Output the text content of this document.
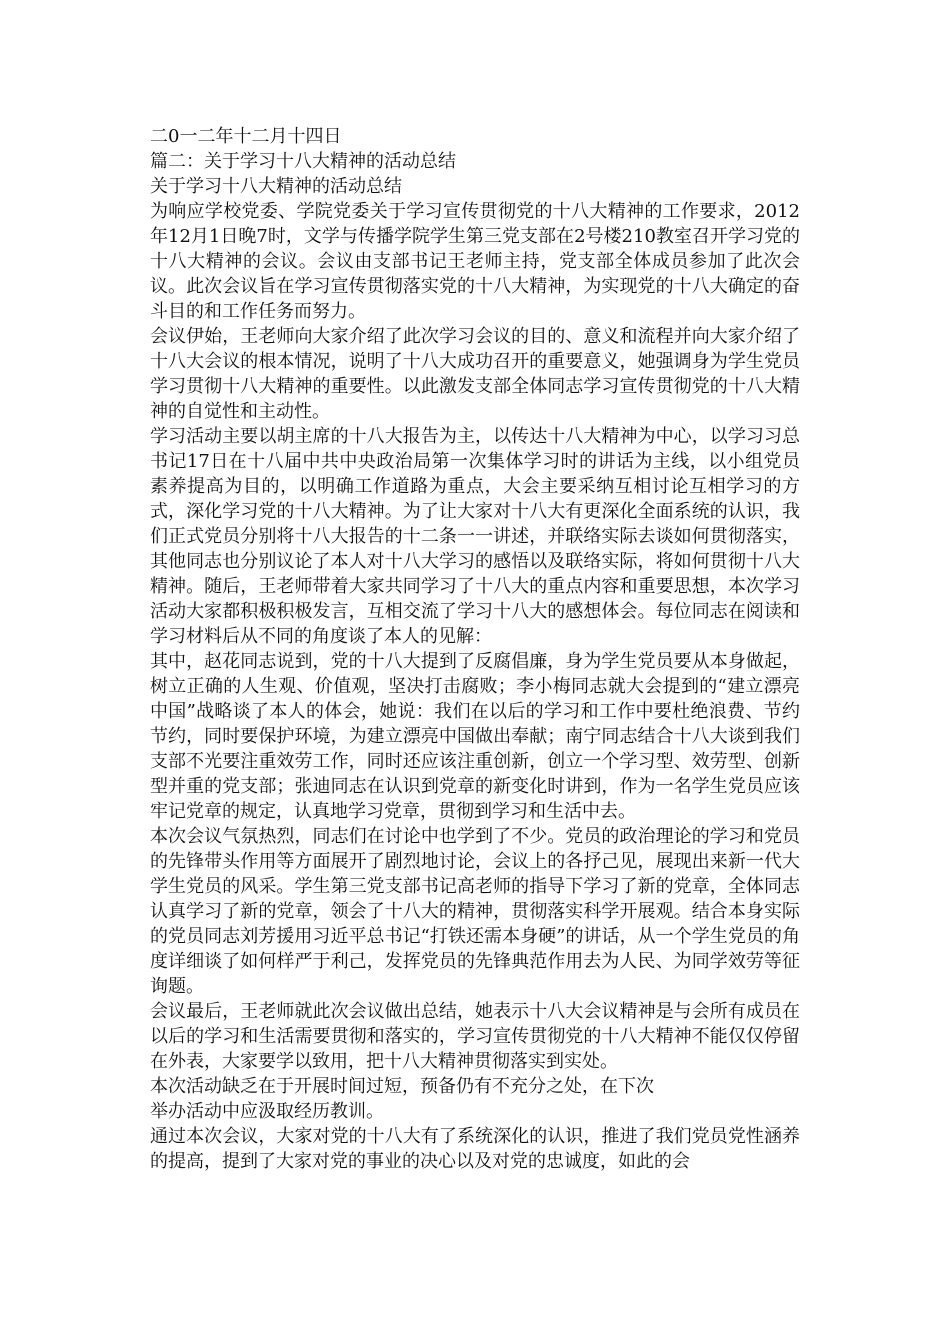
二0一二年十二月十四日

篇二：关于学习十八大精神的活动总结

关于学习十八大精神的活动总结

为响应学校党委、学院党委关于学习宣传贯彻党的十八大精神的工作要求，2012年12月1日晚7时，文学与传播学院学生第三党支部在2号楼210教室召开学习党的十八大精神的会议。会议由支部书记王老师主持，党支部全体成员参加了此次会议。此次会议旨在学习宣传贯彻落实党的十八大精神，为实现党的十八大确定的奋斗目的和工作任务而努力。

会议伊始，王老师向大家介绍了此次学习会议的目的、意义和流程并向大家介绍了十八大会议的根本情况，说明了十八大成功召开的重要意义，她强调身为学生党员学习贯彻十八大精神的重要性。以此激发支部全体同志学习宣传贯彻党的十八大精神的自觉性和主动性。

学习活动主要以胡主席的十八大报告为主，以传达十八大精神为中心，以学习习总书记17日在十八届中共中央政治局第一次集体学习时的讲话为主线，以小组党员素养提高为目的，以明确工作道路为重点，大会主要采纳互相讨论互相学习的方式，深化学习党的十八大精神。为了让大家对十八大有更深化全面系统的认识，我们正式党员分别将十八大报告的十二条一一讲述，并联络实际去谈如何贯彻落实，其他同志也分别议论了本人对十八大学习的感悟以及联络实际，将如何贯彻十八大精神。随后，王老师带着大家共同学习了十八大的重点内容和重要思想，本次学习活动大家都积极积极发言，互相交流了学习十八大的感想体会。每位同志在阅读和学习材料后从不同的角度谈了本人的见解：

其中，赵花同志说到，党的十八大提到了反腐倡廉，身为学生党员要从本身做起，树立正确的人生观、价值观，坚决打击腐败；李小梅同志就大会提到的“建立漂亮中国”战略谈了本人的体会，她说：我们在以后的学习和工作中要杜绝浪费、节约节约，同时要保护环境，为建立漂亮中国做出奉献；南宁同志结合十八大谈到我们支部不光要注重效劳工作，同时还应该注重创新，创立一个学习型、效劳型、创新型并重的党支部；张迪同志在认识到党章的新变化时讲到，作为一名学生党员应该牢记党章的规定，认真地学习党章，贯彻到学习和生活中去。

本次会议气氛热烈，同志们在讨论中也学到了不少。党员的政治理论的学习和党员的先锋带头作用等方面展开了剧烈地讨论，会议上的各抒己见，展现出来新一代大学生党员的风采。学生第三党支部书记高老师的指导下学习了新的党章，全体同志认真学习了新的党章，领会了十八大的精神，贯彻落实科学开展观。结合本身实际的党员同志刘芳援用习近平总书记“打铁还需本身硬”的讲话，从一个学生党员的角度详细谈了如何样严于利己，发挥党员的先锋典范作用去为人民、为同学效劳等征询题。

会议最后，王老师就此次会议做出总结，她表示十八大会议精神是与会所有成员在以后的学习和生活需要贯彻和落实的，学习宣传贯彻党的十八大精神不能仅仅停留在外表，大家要学以致用，把十八大精神贯彻落实到实处。

本次活动缺乏在于开展时间过短，预备仍有不充分之处，在下次

举办活动中应汲取经历教训。

通过本次会议，大家对党的十八大有了系统深化的认识，推进了我们党员党性涵养的提高，提到了大家对党的事业的决心以及对党的忠诚度，如此的会
